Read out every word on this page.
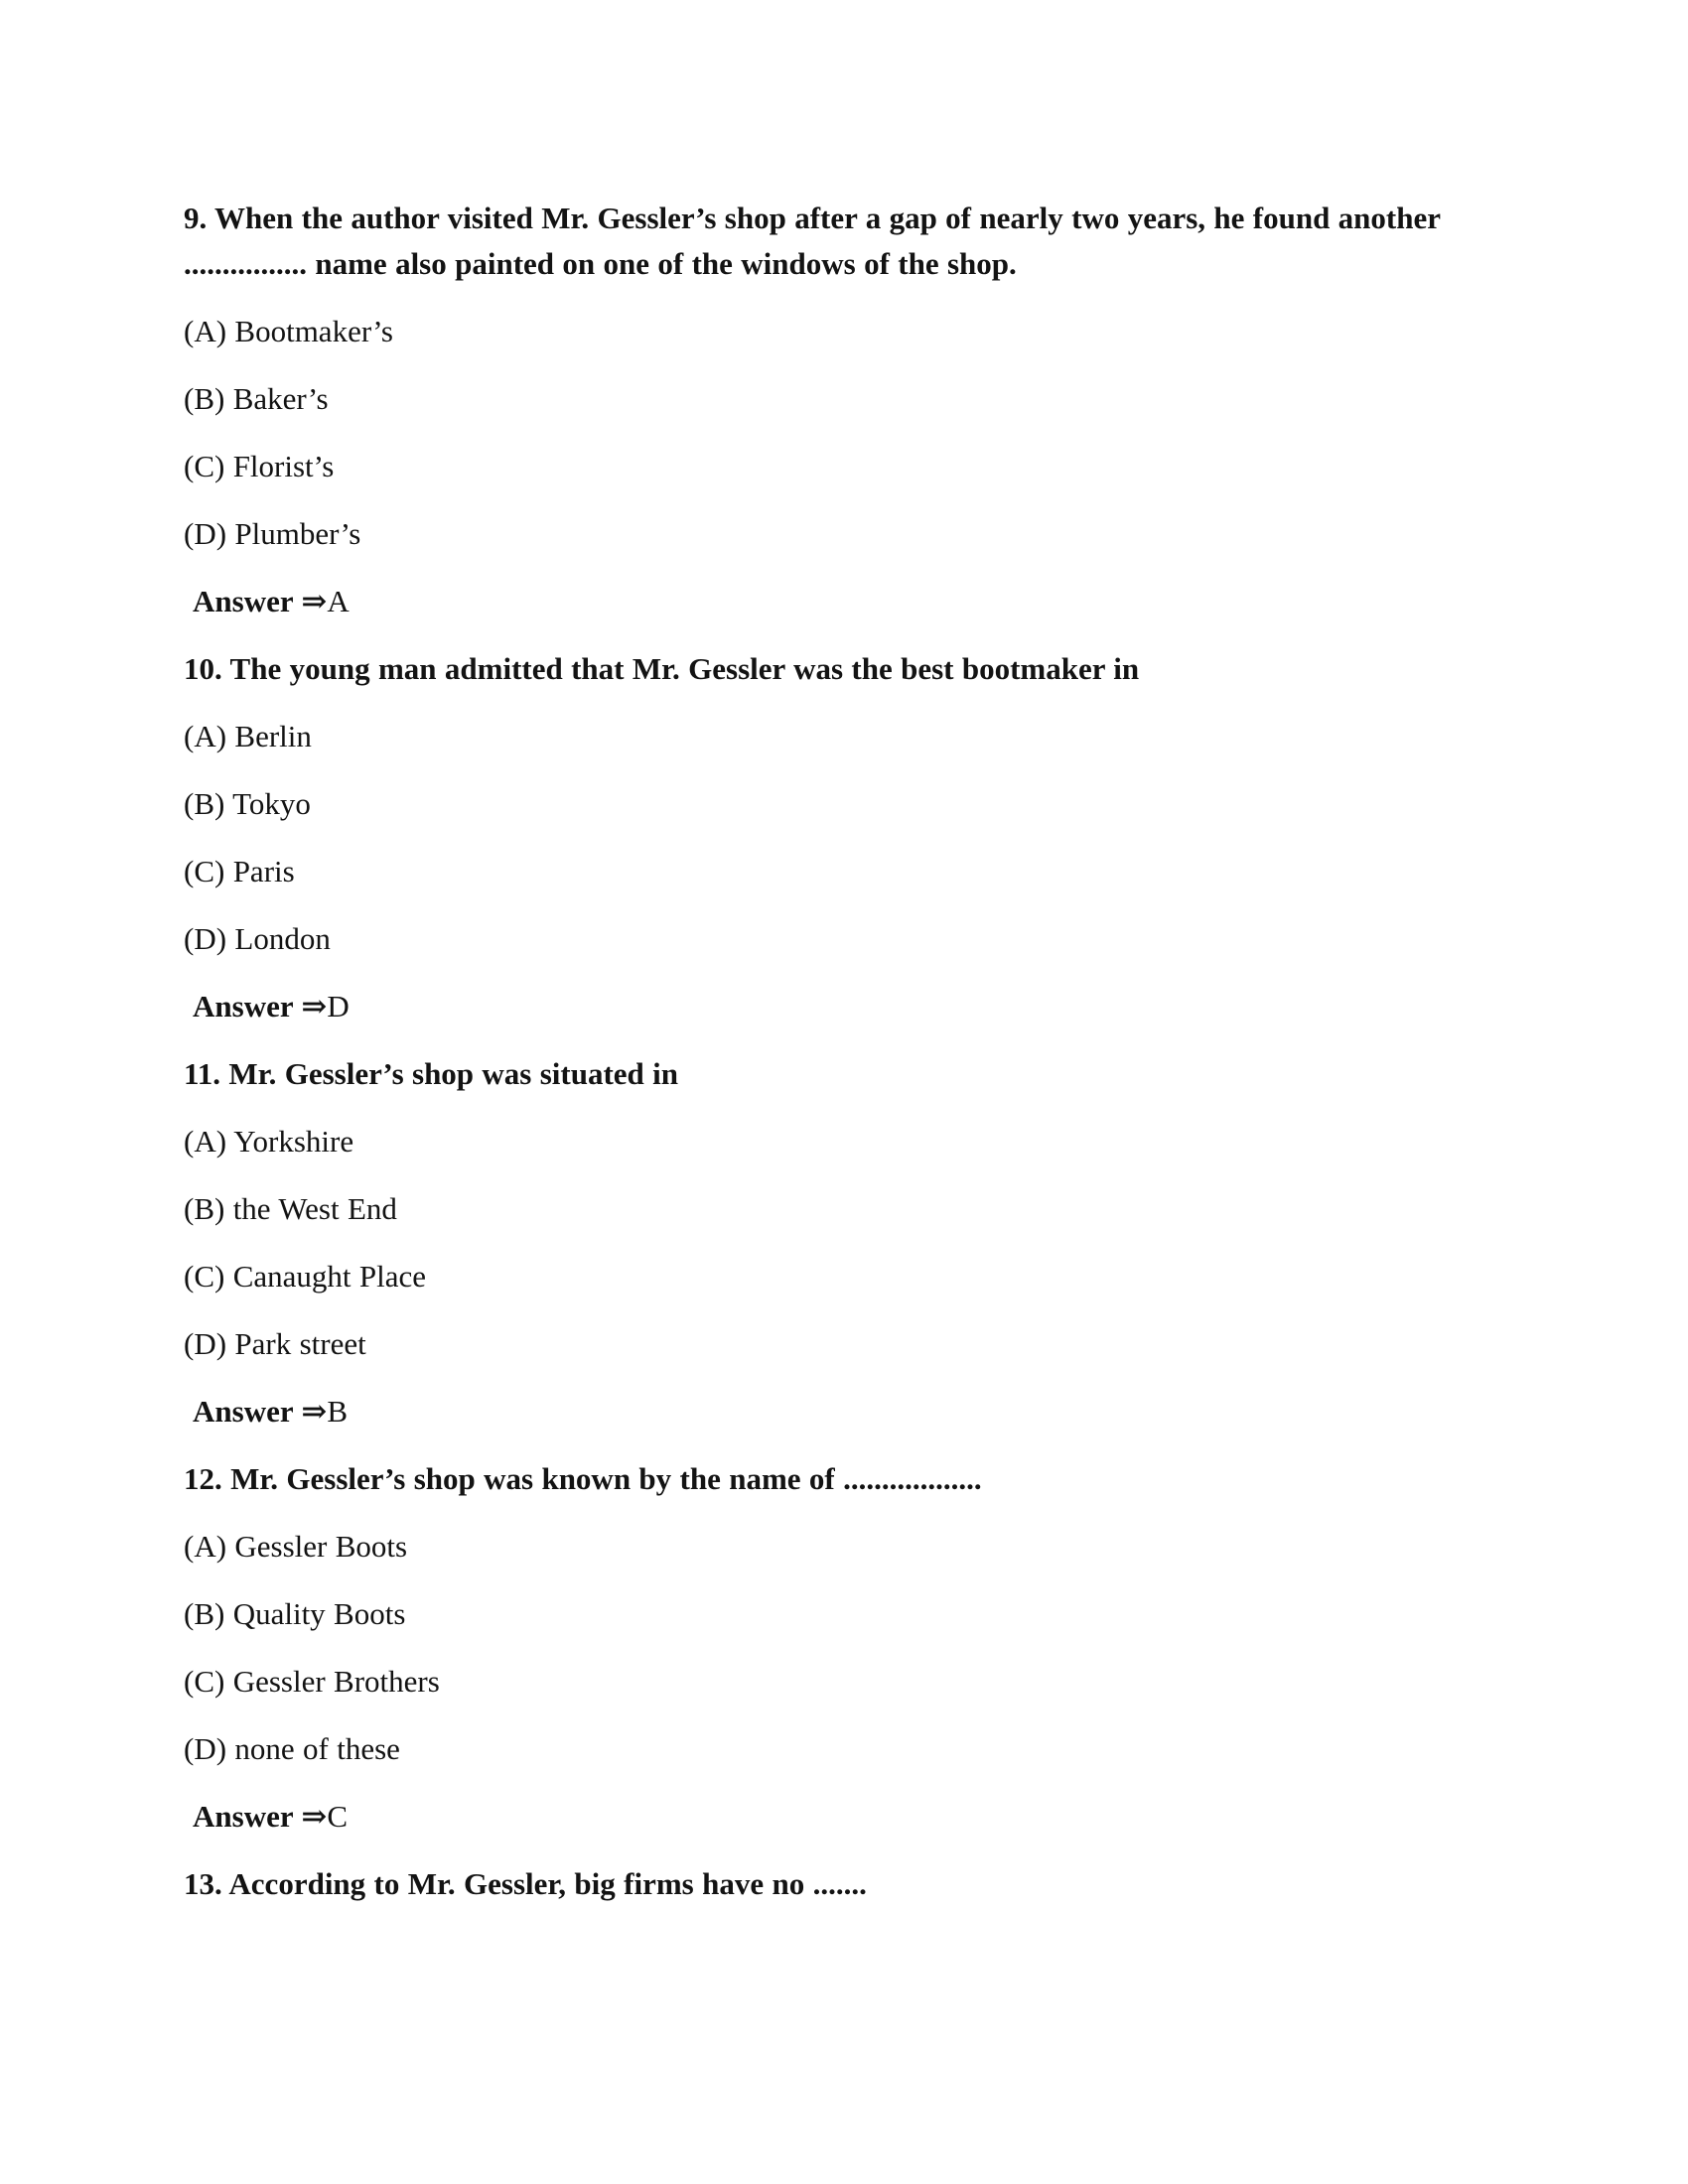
9. When the author visited Mr. Gessler’s shop after a gap of nearly two years, he found another ................ name also painted on one of the windows of the shop.

(A) Bootmaker’s

(B) Baker’s

(C) Florist’s

(D) Plumber’s

Answer ⇒A

10. The young man admitted that Mr. Gessler was the best bootmaker in

(A) Berlin

(B) Tokyo

(C) Paris

(D) London

Answer ⇒D

11. Mr. Gessler’s shop was situated in

(A) Yorkshire

(B) the West End

(C) Canaught Place

(D) Park street

Answer ⇒B

12. Mr. Gessler’s shop was known by the name of ..................

(A) Gessler Boots

(B) Quality Boots

(C) Gessler Brothers

(D) none of these

Answer ⇒C

13. According to Mr. Gessler, big firms have no .......
